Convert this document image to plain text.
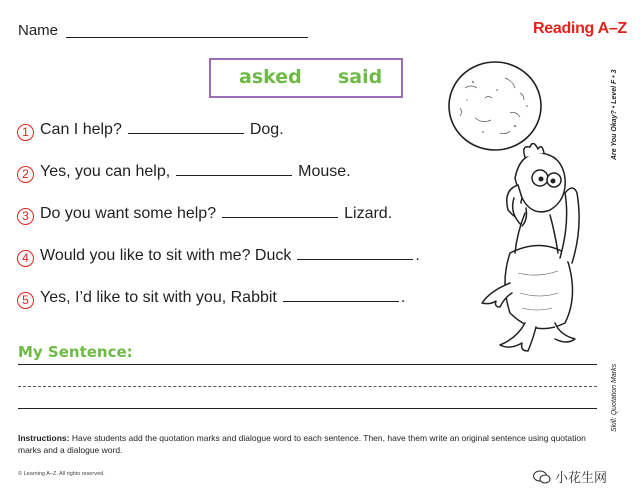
Name	Reading A–Z
asked said
1 Can I help?	Dog.
2 Yes, you can help,	Mouse.
3 Do you want some help?	Lizard.
4 Would you like to sit with me? Duck	.
5 Yes, I’d like to sit with you, Rabbit	.
Are You Okay? • Level F • 3
Skill: Quotation Marks
My Sentence:
Instructions: Have students add the quotation marks and dialogue word to each sentence. Then, have them write an original sentence using quotation marks and a dialogue word.
© Learning A–Z. All rights reserved.	小花生网
